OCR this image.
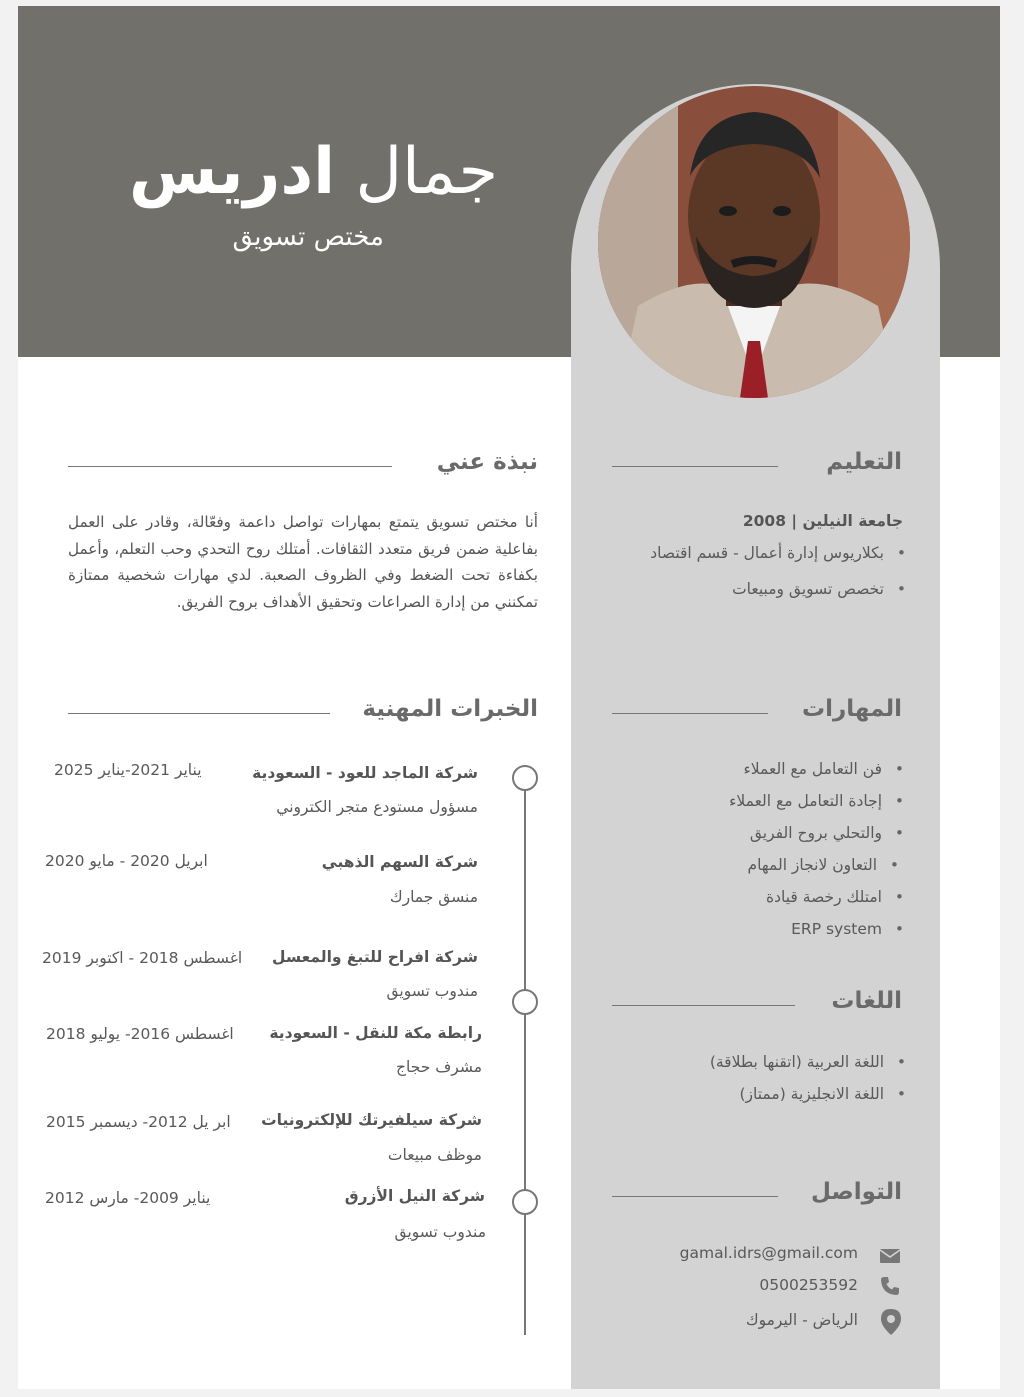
جمال ادريس
مختص تسويق
التعليم
جامعة النيلين | 2008
بكلاريوس إدارة أعمال - قسم اقتصاد •
تخصص تسويق ومبيعات •
المهارات
فن التعامل مع العملاء •
إجادة التعامل مع العملاء •
والتحلي بروح الفريق •
التعاون لانجاز المهام •
امتلك رخصة قيادة •
ERP system •
اللغات
اللغة العربية (اتقنها بطلاقة) •
اللغة الانجليزية (ممتاز) •
التواصل
gamal.idrs@gmail.com
0500253592
الرياض - اليرموك
نبذة عني
أنا مختص تسويق يتمتع بمهارات تواصل داعمة وفعّالة، وقادر على العمل بفاعلية ضمن فريق متعدد الثقافات. أمتلك روح التحدي وحب التعلم، وأعمل بكفاءة تحت الضغط وفي الظروف الصعبة. لدي مهارات شخصية ممتازة تمكنني من إدارة الصراعات وتحقيق الأهداف بروح الفريق.
الخبرات المهنية
شركة الماجد للعود - السعودية
يناير 2021-يناير 2025
مسؤول مستودع متجر الكتروني
شركة السهم الذهبي
ابريل 2020 - مايو 2020
منسق جمارك
شركة افراح للتبغ والمعسل
اغسطس 2018 - اكتوبر 2019
مندوب تسويق
رابطة مكة للنقل - السعودية
اغسطس 2016- يوليو 2018
مشرف حجاج
شركة سيلفيرتك للإلكترونيات
ابر يل 2012- ديسمبر 2015
موظف مبيعات
شركة النيل الأزرق
يناير 2009- مارس 2012
مندوب تسويق
